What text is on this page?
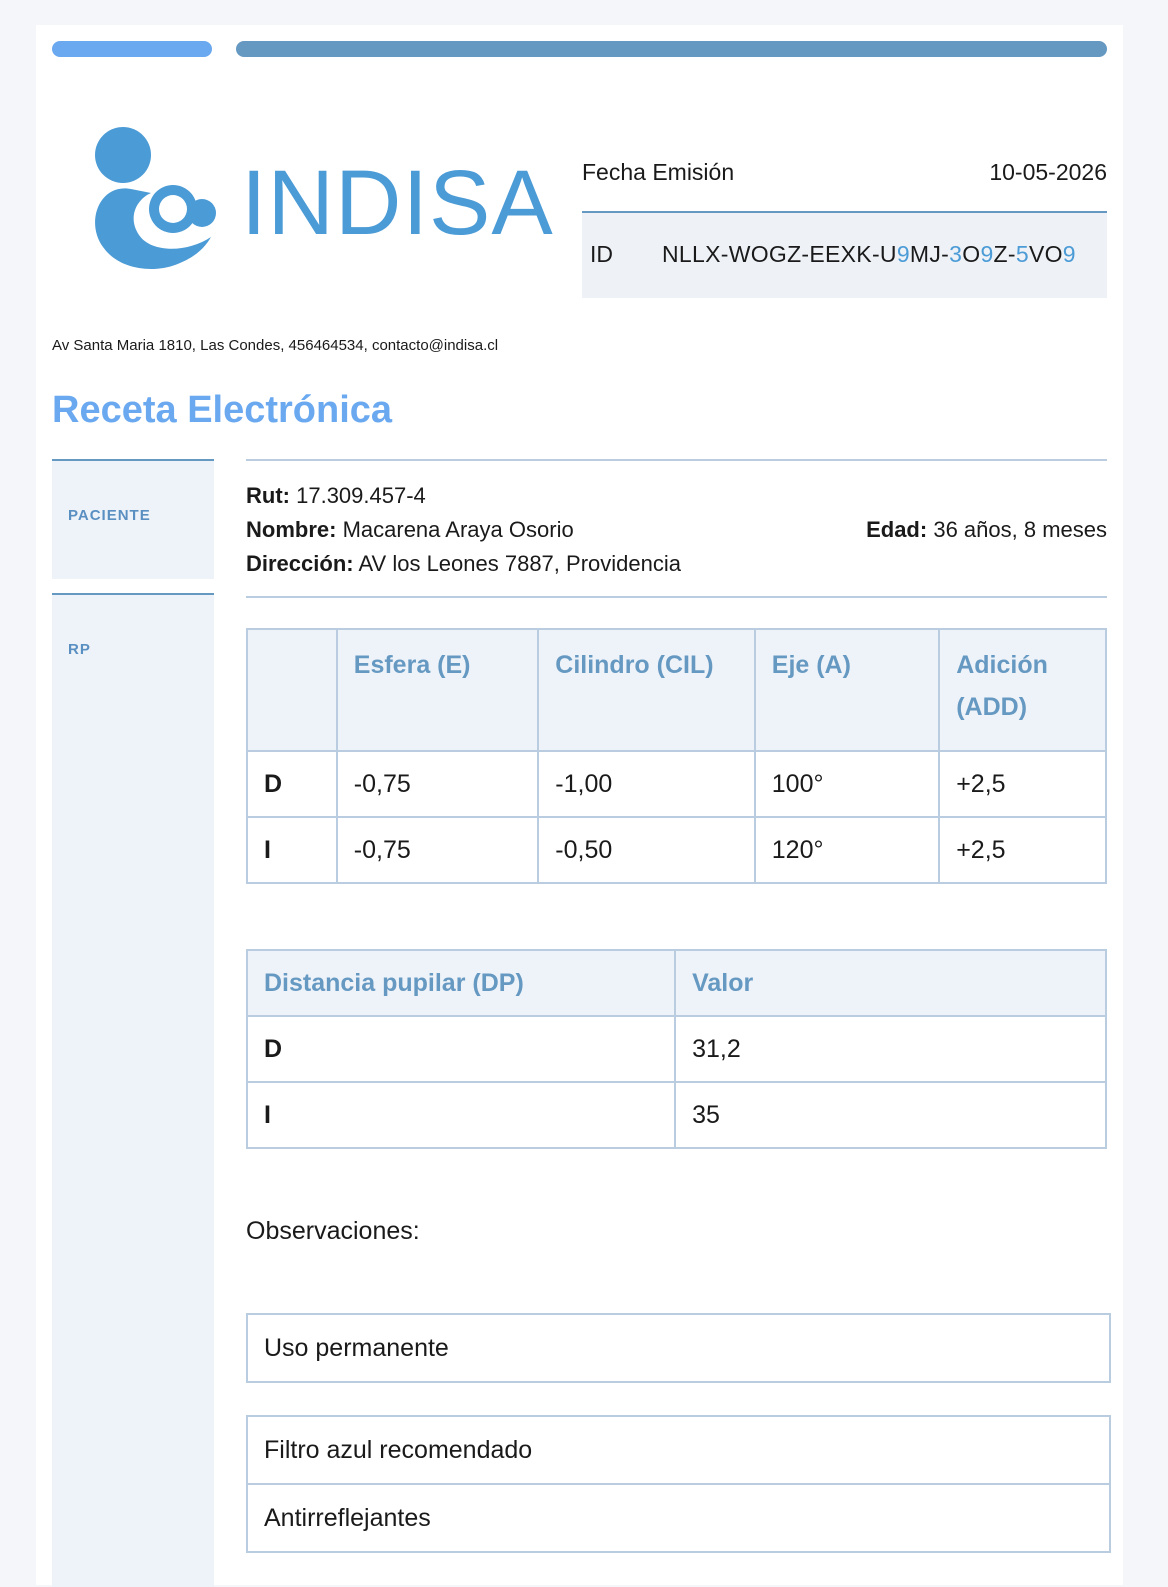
INDISA Fecha Emisión	10-05-2026
ID NLLX-WOGZ-EEXK-U9MJ-3O9Z-5VO9
Av Santa Maria 1810, Las Condes, 456464534, contacto@indisa.cl
Receta Electrónica
PACIENTE
RP
Rut: 17.309.457-4
Nombre: Macarena Araya Osorio	Edad: 36 años, 8 meses
Dirección: AV los Leones 7887, Providencia
	Esfera (E)	Cilindro (CIL)	Eje (A)	Adición (ADD)
D	-0,75	-1,00	100°	+2,5
I	-0,75	-0,50	120°	+2,5
Distancia pupilar (DP)	Valor
D	31,2
I	35
Observaciones:
Uso permanente
Filtro azul recomendado
Antirreflejantes
